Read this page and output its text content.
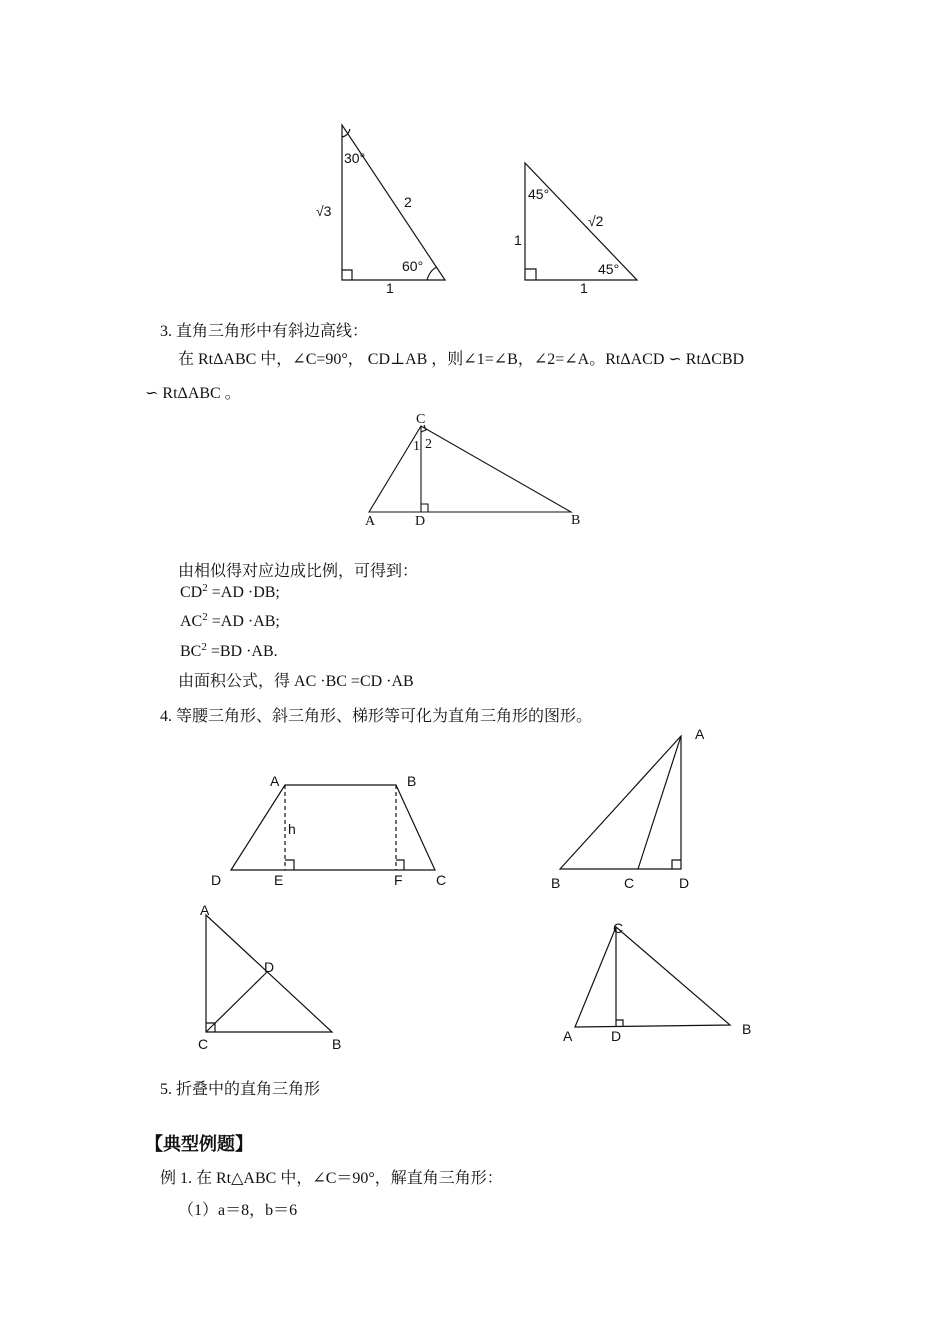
30°
60°
√3
2
1
45°
45°
1
√2
1
3. 直角三角形中有斜边高线：
在 RtΔABC 中，∠C=90°， CD⊥AB ，则∠1=∠B，∠2=∠A。RtΔACD ∽ RtΔCBD
∽ RtΔABC 。
C
1 2
A	D	B
由相似得对应边成比例，可得到：
$CD^2 =AD \cdot DB$;
$AC^2 =AD \cdot AB$;
$BC^2 =BD \cdot AB$.
由面积公式，得 AC ·BC =CD ·AB
4. 等腰三角形、斜三角形、梯形等可化为直角三角形的图形。
A	B
h
D	E	F C
A
B	C	D
A
D
C	B
C
A	D	B
5. 折叠中的直角三角形
【典型例题】
例 1. 在 Rt△ABC 中，∠C＝90°，解直角三角形：
（1）a＝8，b＝6
